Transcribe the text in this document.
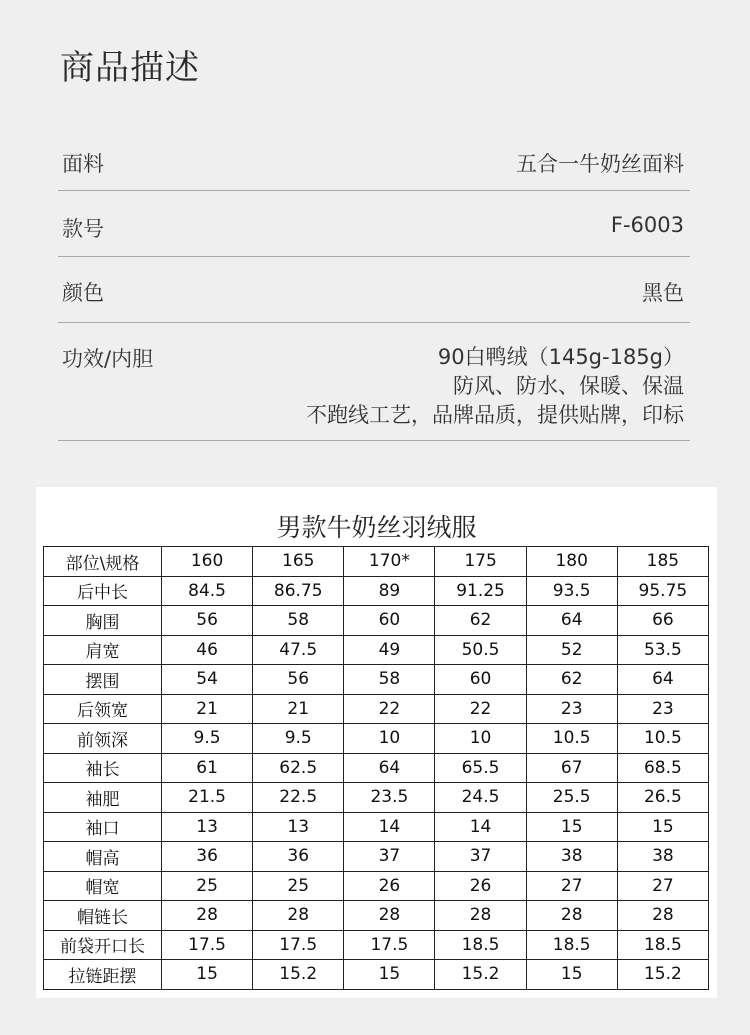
商品描述
面料	五合一牛奶丝面料
款号	F-6003
颜色	黑色
功效/内胆	90白鸭绒（145g-185g）
防风、防水、保暖、保温
不跑线工艺，品牌品质，提供贴牌，印标
男款牛奶丝羽绒服
部位\规格	160	165	170*	175	180	185
后中长	84.5	86.75	89	91.25	93.5	95.75
胸围	56	58	60	62	64	66
肩宽	46	47.5	49	50.5	52	53.5
摆围	54	56	58	60	62	64
后领宽	21	21	22	22	23	23
前领深	9.5	9.5	10	10	10.5	10.5
袖长	61	62.5	64	65.5	67	68.5
袖肥	21.5	22.5	23.5	24.5	25.5	26.5
袖口	13	13	14	14	15	15
帽高	36	36	37	37	38	38
帽宽	25	25	26	26	27	27
帽链长	28	28	28	28	28	28
前袋开口长	17.5	17.5	17.5	18.5	18.5	18.5
拉链距摆	15	15.2	15	15.2	15	15.2
